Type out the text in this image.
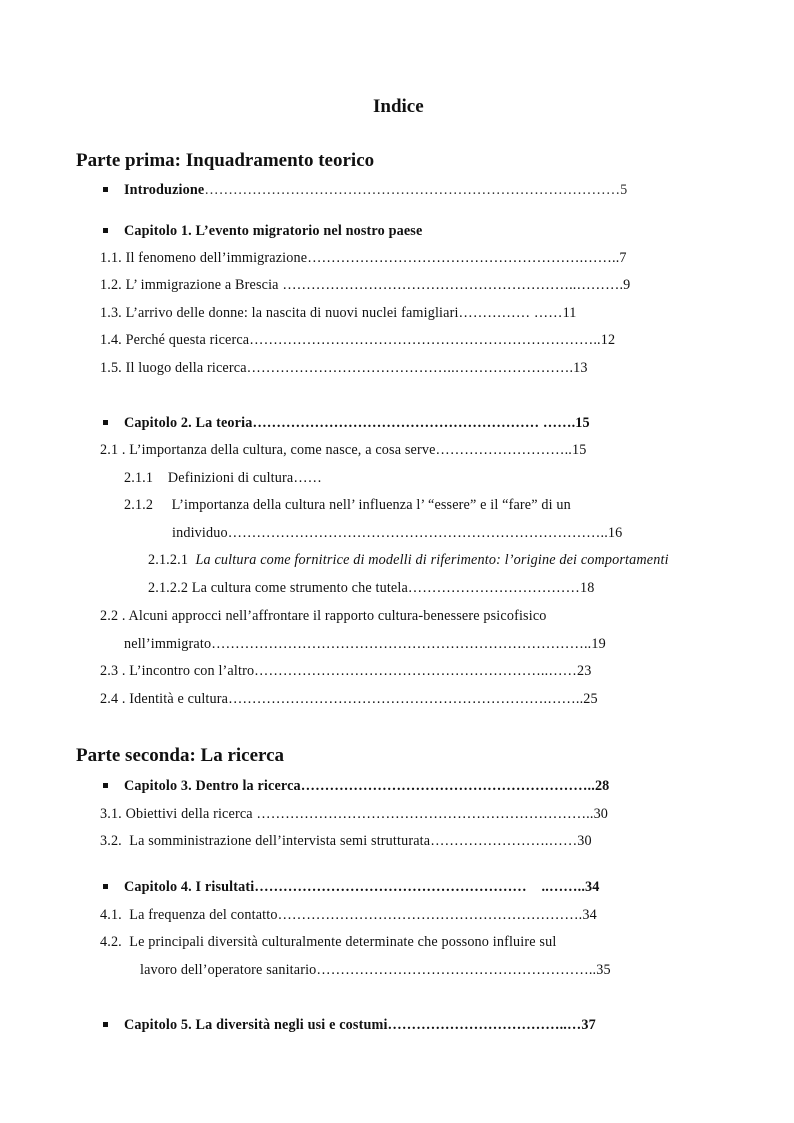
Indice
Parte prima: Inquadramento teorico
Introduzione……………………………………………………………………………5
Capitolo 1. L’evento migratorio nel nostro paese
1.1. Il fenomeno dell’immigrazione………………………………………………….……..7
1.2. L’ immigrazione a Brescia ……………………………………………………..……….9
1.3. L’arrivo delle donne: la nascita di nuovi nuclei famigliari…………… ……11
1.4. Perché questa ricerca………………………………………………………………..12
1.5. Il luogo della ricerca……………………………………..…………………….13
Capitolo 2. La teoria…………………………………………………… …….15
2.1 . L’importanza della cultura, come nasce, a cosa serve………………………..15
2.1.1    Definizioni di cultura……
2.1.2     L’importanza della cultura nell’ influenza l’ “essere” e il “fare” di un
individuo……………………………………………………………………..16
2.1.2.1 La cultura come fornitrice di modelli di riferimento: l’origine dei comportamenti
2.1.2.2 La cultura come strumento che tutela………………………………18
2.2 . Alcuni approcci nell’affrontare il rapporto cultura-benessere psicofisico
nell’immigrato……………………………………………………………………..19
2.3 . L’incontro con l’altro……………………………………………………..……23
2.4 . Identità e cultura………………………………………………………….……..25
Parte seconda: La ricerca
Capitolo 3. Dentro la ricerca……………………………………………………..28
3.1. Obiettivi della ricerca ……………………………………………………………..30
3.2.  La somministrazione dell’intervista semi strutturata…………………….……30
Capitolo 4. I risultati…………………………………………………    ..……..34
4.1.  La frequenza del contatto……………………………………………………….34
4.2.  Le principali diversità culturalmente determinate che possono influire sul
lavoro dell’operatore sanitario…………………………………………………..35
Capitolo 5. La diversità negli usi e costumi………………………………..…37
